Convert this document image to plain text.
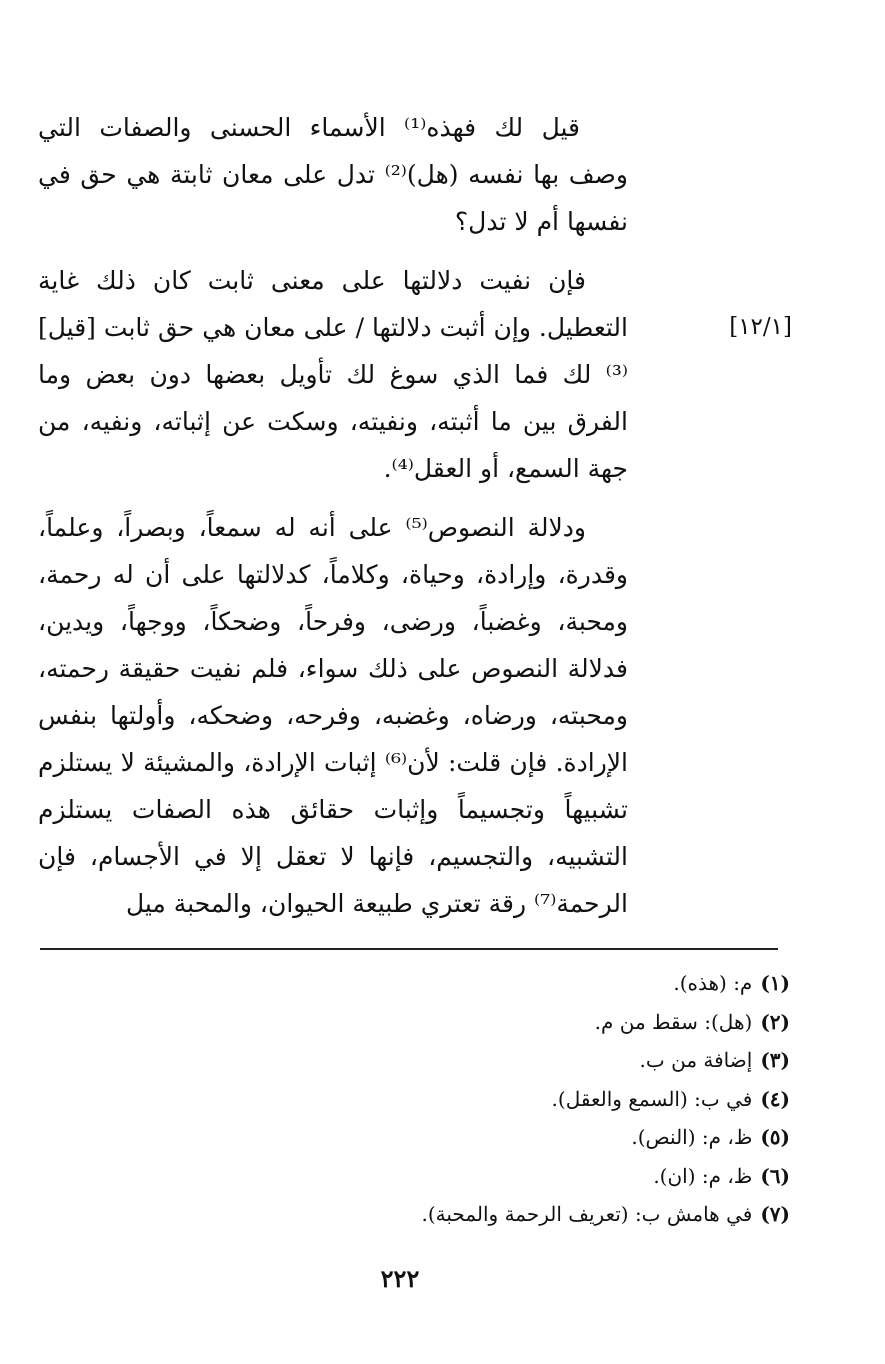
[١٢/١]

قيل لك فهذه⁽¹⁾ الأسماء الحسنى والصفات التي وصف بها نفسه (هل)⁽²⁾ تدل على معان ثابتة هي حق في نفسها أم لا تدل؟

فإن نفيت دلالتها على معنى ثابت كان ذلك غاية التعطيل. وإن أثبت دلالتها / على معان هي حق ثابت [قيل]⁽³⁾ لك فما الذي سوغ لك تأويل بعضها دون بعض وما الفرق بين ما أثبته، ونفيته، وسكت عن إثباته، ونفيه، من جهة السمع، أو العقل⁽⁴⁾.

ودلالة النصوص⁽⁵⁾ على أنه له سمعاً، وبصراً، وعلماً، وقدرة، وإرادة، وحياة، وكلاماً، كدلالتها على أن له رحمة، ومحبة، وغضباً، ورضى، وفرحاً، وضحكاً، ووجهاً، ويدين، فدلالة النصوص على ذلك سواء، فلم نفيت حقيقة رحمته، ومحبته، ورضاه، وغضبه، وفرحه، وضحكه، وأولتها بنفس الإرادة. فإن قلت: لأن⁽⁶⁾ إثبات الإرادة، والمشيئة لا يستلزم تشبيهاً وتجسيماً وإثبات حقائق هذه الصفات يستلزم التشبيه، والتجسيم، فإنها لا تعقل إلا في الأجسام، فإن الرحمة⁽⁷⁾ رقة تعتري طبيعة الحيوان، والمحبة ميل

(١)م: (هذه).
(٢)(هل): سقط من م.
(٣)إضافة من ب.
(٤)في ب: (السمع والعقل).
(٥)ظ، م: (النص).
(٦)ظ، م: (ان).
(٧)في هامش ب: (تعريف الرحمة والمحبة).
٢٢٢
